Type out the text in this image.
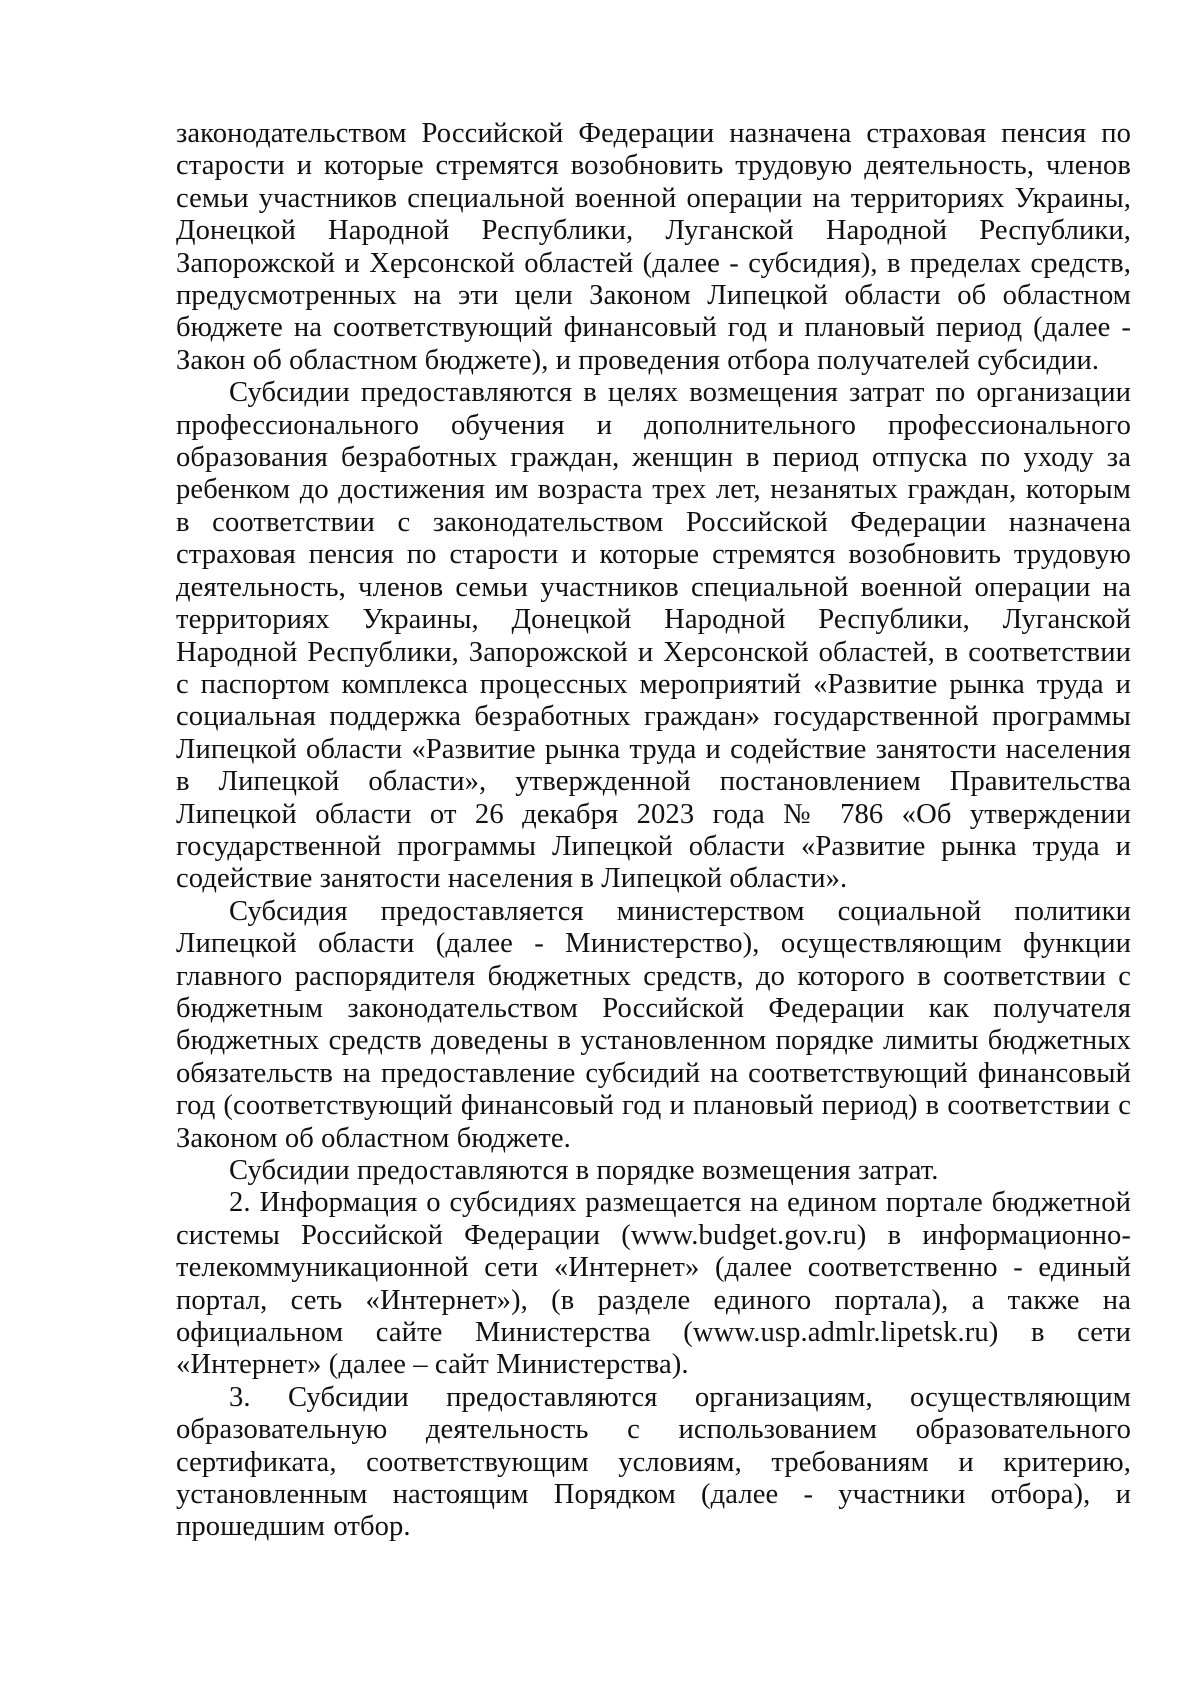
законодательством Российской Федерации назначена страховая пенсия по старости и которые стремятся возобновить трудовую деятельность, членов семьи участников специальной военной операции на территориях Украины, Донецкой Народной Республики, Луганской Народной Республики, Запорожской и Херсонской областей (далее - субсидия), в пределах средств, предусмотренных на эти цели Законом Липецкой области об областном бюджете на соответствующий финансовый год и плановый период (далее - Закон об областном бюджете), и проведения отбора получателей субсидии.

Субсидии предоставляются в целях возмещения затрат по организации профессионального обучения и дополнительного профессионального образования безработных граждан, женщин в период отпуска по уходу за ребенком до достижения им возраста трех лет, незанятых граждан, которым в соответствии с законодательством Российской Федерации назначена страховая пенсия по старости и которые стремятся возобновить трудовую деятельность, членов семьи участников специальной военной операции на территориях Украины, Донецкой Народной Республики, Луганской Народной Республики, Запорожской и Херсонской областей, в соответствии с паспортом комплекса процессных мероприятий «Развитие рынка труда и социальная поддержка безработных граждан» государственной программы Липецкой области «Развитие рынка труда и содействие занятости населения в Липецкой области», утвержденной постановлением Правительства Липецкой области от 26 декабря 2023 года № 786 «Об утверждении государственной программы Липецкой области «Развитие рынка труда и содействие занятости населения в Липецкой области».

Субсидия предоставляется министерством социальной политики Липецкой области (далее - Министерство), осуществляющим функции главного распорядителя бюджетных средств, до которого в соответствии с бюджетным законодательством Российской Федерации как получателя бюджетных средств доведены в установленном порядке лимиты бюджетных обязательств на предоставление субсидий на соответствующий финансовый год (соответствующий финансовый год и плановый период) в соответствии с Законом об областном бюджете.

Субсидии предоставляются в порядке возмещения затрат.

2. Информация о субсидиях размещается на едином портале бюджетной системы Российской Федерации (www.budget.gov.ru) в информационно-телекоммуникационной сети «Интернет» (далее соответственно - единый портал, сеть «Интернет»), (в разделе единого портала), а также на официальном сайте Министерства (www.usp.admlr.lipetsk.ru) в сети «Интернет» (далее – сайт Министерства).

3. Субсидии предоставляются организациям, осуществляющим образовательную деятельность с использованием образовательного сертификата, соответствующим условиям, требованиям и критерию, установленным настоящим Порядком (далее - участники отбора), и прошедшим отбор.
